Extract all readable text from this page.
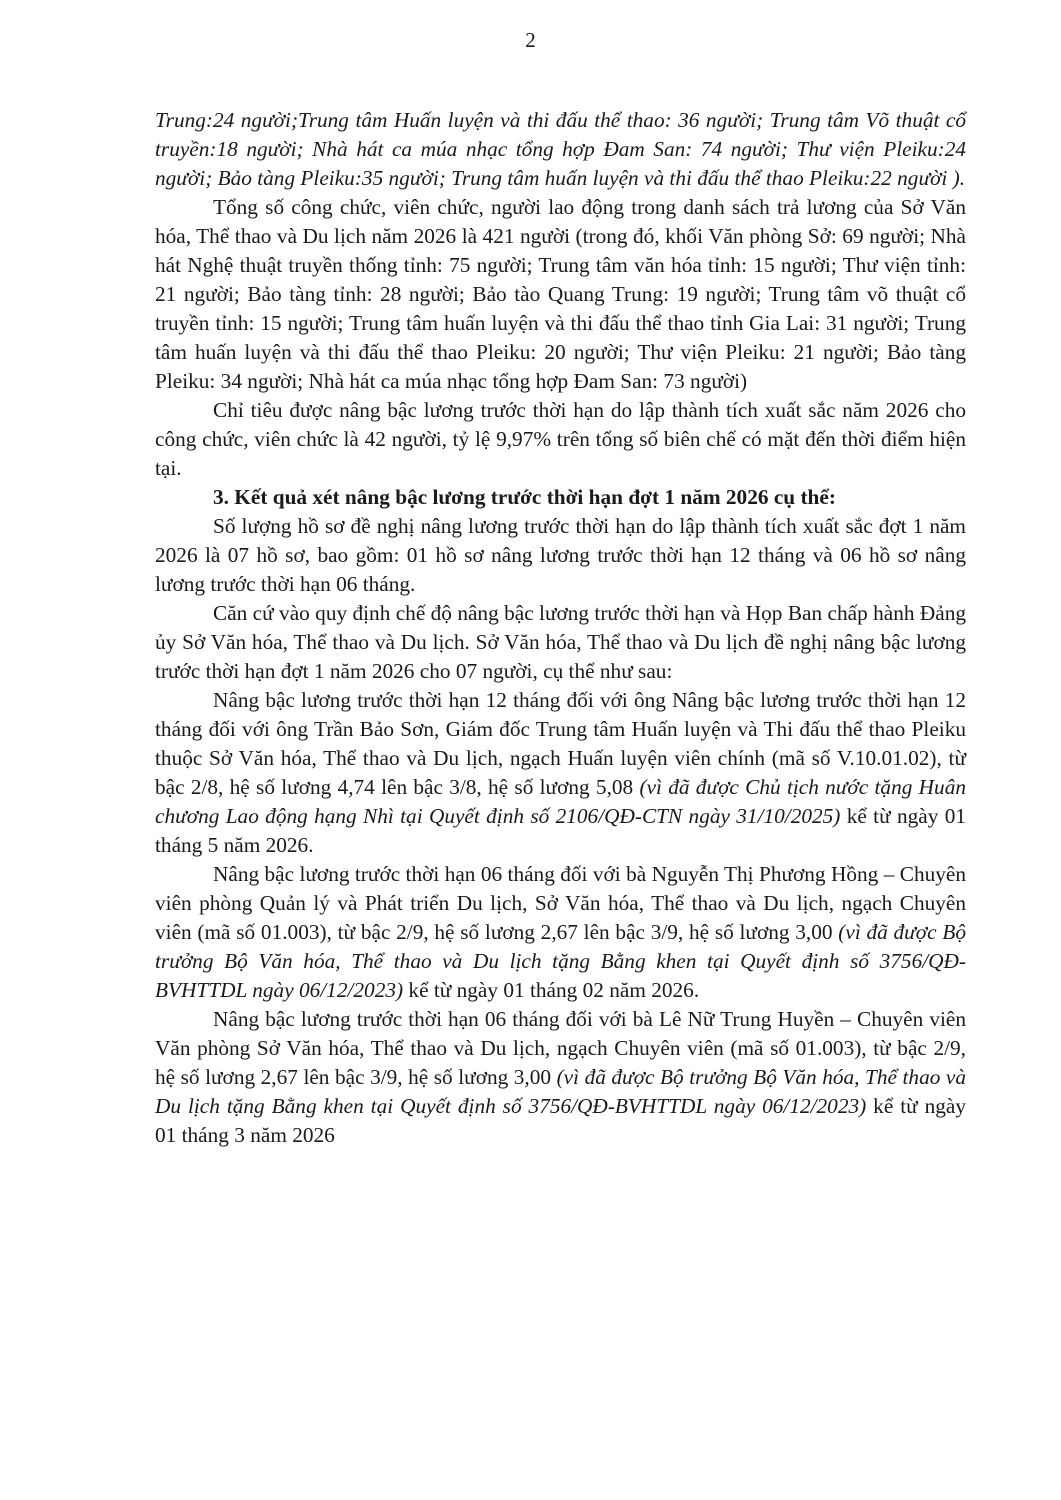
2

Trung:24 người;Trung tâm Huấn luyện và thi đấu thể thao: 36 người; Trung tâm Võ thuật cổ truyền:18 người; Nhà hát ca múa nhạc tổng hợp Đam San: 74 người; Thư viện Pleiku:24 người; Bảo tàng Pleiku:35 người; Trung tâm huấn luyện và thi đấu thể thao Pleiku:22 người ).

Tổng số công chức, viên chức, người lao động trong danh sách trả lương của Sở Văn hóa, Thể thao và Du lịch năm 2026 là 421 người (trong đó, khối Văn phòng Sở: 69 người; Nhà hát Nghệ thuật truyền thống tỉnh: 75 người; Trung tâm văn hóa tỉnh: 15 người; Thư viện tỉnh: 21 người; Bảo tàng tỉnh: 28 người; Bảo tào Quang Trung: 19 người; Trung tâm võ thuật cổ truyền tỉnh: 15 người; Trung tâm huấn luyện và thi đấu thể thao tỉnh Gia Lai: 31 người; Trung tâm huấn luyện và thi đấu thể thao Pleiku: 20 người; Thư viện Pleiku: 21 người; Bảo tàng Pleiku: 34 người; Nhà hát ca múa nhạc tổng hợp Đam San: 73 người)

Chỉ tiêu được nâng bậc lương trước thời hạn do lập thành tích xuất sắc năm 2026 cho công chức, viên chức là 42 người, tỷ lệ 9,97% trên tổng số biên chế có mặt đến thời điểm hiện tại.

3. Kết quả xét nâng bậc lương trước thời hạn đợt 1 năm 2026 cụ thể:

Số lượng hồ sơ đề nghị nâng lương trước thời hạn do lập thành tích xuất sắc đợt 1 năm 2026 là 07 hồ sơ, bao gồm: 01 hồ sơ nâng lương trước thời hạn 12 tháng và 06 hồ sơ nâng lương trước thời hạn 06 tháng.

Căn cứ vào quy định chế độ nâng bậc lương trước thời hạn và Họp Ban chấp hành Đảng ủy Sở Văn hóa, Thể thao và Du lịch. Sở Văn hóa, Thể thao và Du lịch đề nghị nâng bậc lương trước thời hạn đợt 1 năm 2026 cho 07 người, cụ thể như sau:

Nâng bậc lương trước thời hạn 12 tháng đối với ông Nâng bậc lương trước thời hạn 12 tháng đối với ông Trần Bảo Sơn, Giám đốc Trung tâm Huấn luyện và Thi đấu thể thao Pleiku thuộc Sở Văn hóa, Thể thao và Du lịch, ngạch Huấn luyện viên chính (mã số V.10.01.02), từ bậc 2/8, hệ số lương 4,74 lên bậc 3/8, hệ số lương 5,08 (vì đã được Chủ tịch nước tặng Huân chương Lao động hạng Nhì tại Quyết định số 2106/QĐ-CTN ngày 31/10/2025) kể từ ngày 01 tháng 5 năm 2026.

Nâng bậc lương trước thời hạn 06 tháng đối với bà Nguyễn Thị Phương Hồng – Chuyên viên phòng Quản lý và Phát triển Du lịch, Sở Văn hóa, Thể thao và Du lịch, ngạch Chuyên viên (mã số 01.003), từ bậc 2/9, hệ số lương 2,67 lên bậc 3/9, hệ số lương 3,00 (vì đã được Bộ trưởng Bộ Văn hóa, Thể thao và Du lịch tặng Bằng khen tại Quyết định số 3756/QĐ-BVHTTDL ngày 06/12/2023) kể từ ngày 01 tháng 02 năm 2026.

Nâng bậc lương trước thời hạn 06 tháng đối với bà Lê Nữ Trung Huyền – Chuyên viên Văn phòng Sở Văn hóa, Thể thao và Du lịch, ngạch Chuyên viên (mã số 01.003), từ bậc 2/9, hệ số lương 2,67 lên bậc 3/9, hệ số lương 3,00 (vì đã được Bộ trưởng Bộ Văn hóa, Thể thao và Du lịch tặng Bằng khen tại Quyết định số 3756/QĐ-BVHTTDL ngày 06/12/2023) kể từ ngày 01 tháng 3 năm 2026
